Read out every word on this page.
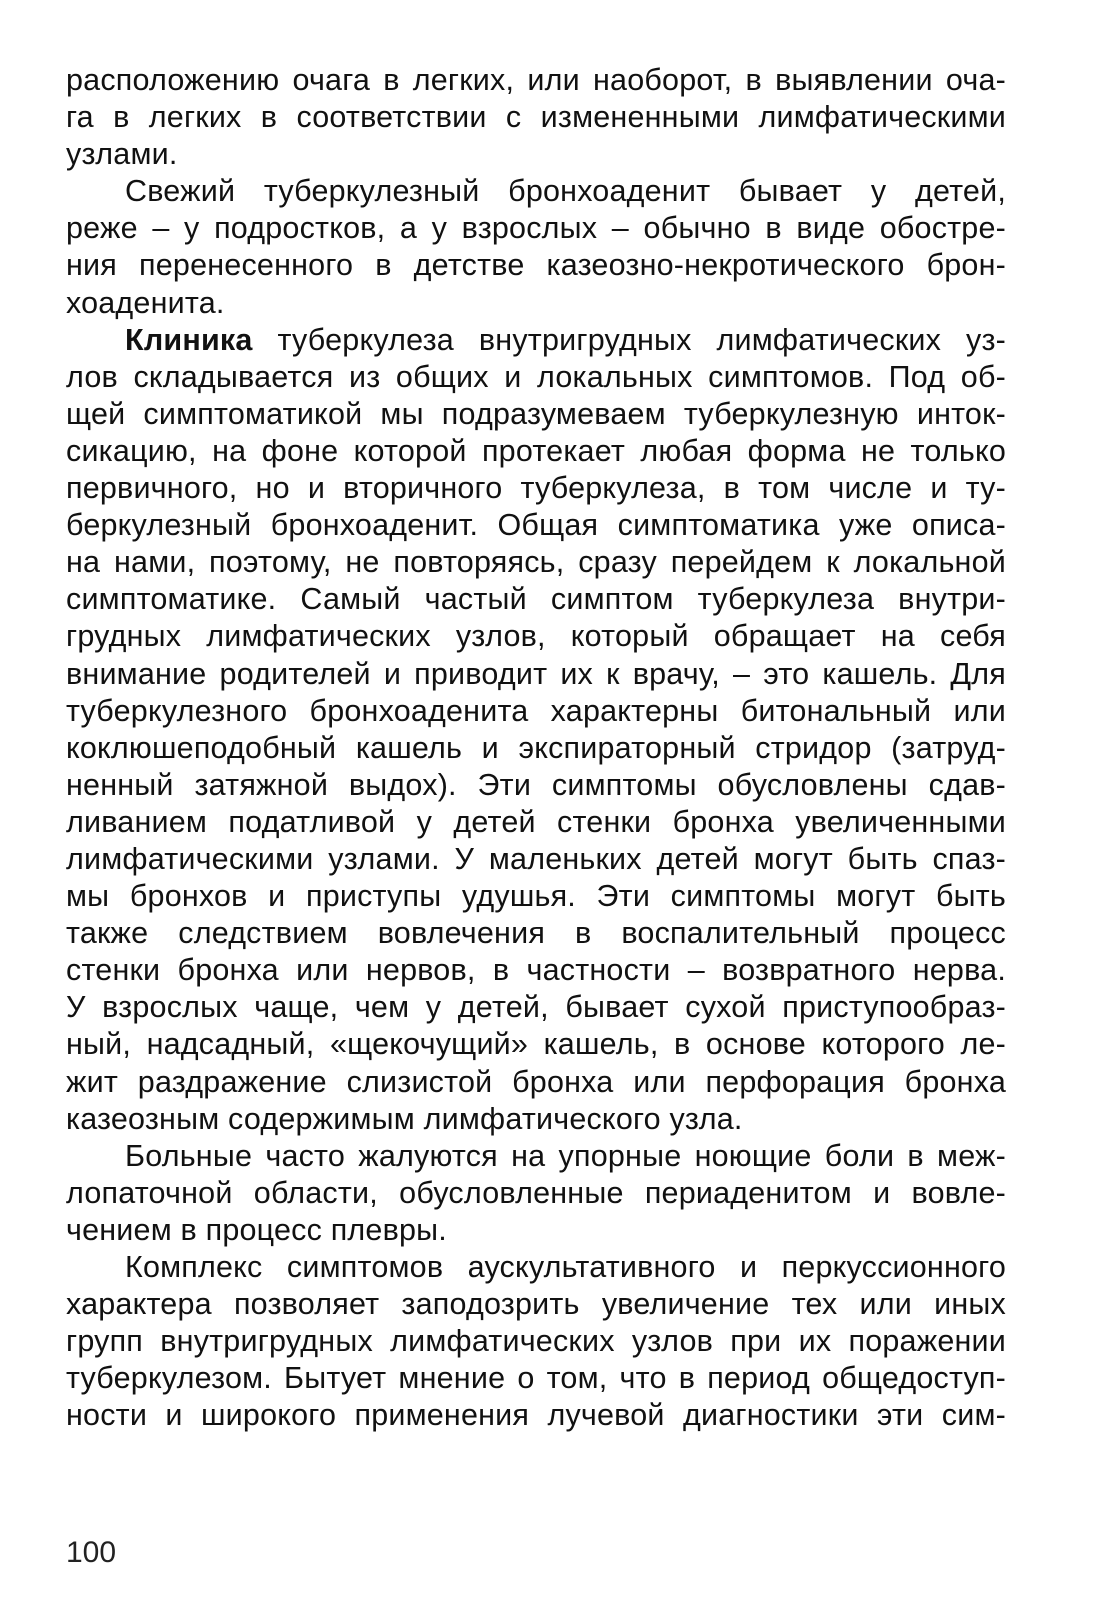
расположению очага в легких, или наоборот, в выявлении оча-
га в легких в соответствии с измененными лимфатическими
узлами.
Свежий туберкулезный бронхоаденит бывает у детей,
реже – у подростков, а у взрослых – обычно в виде обостре-
ния перенесенного в детстве казеозно-некротического брон-
хоаденита.
Клиника туберкулеза внутригрудных лимфатических уз-
лов складывается из общих и локальных симптомов. Под об-
щей симптоматикой мы подразумеваем туберкулезную инток-
сикацию, на фоне которой протекает любая форма не только
первичного, но и вторичного туберкулеза, в том числе и ту-
беркулезный бронхоаденит. Общая симптоматика уже описа-
на нами, поэтому, не повторяясь, сразу перейдем к локальной
симптоматике. Самый частый симптом туберкулеза внутри-
грудных лимфатических узлов, который обращает на себя
внимание родителей и приводит их к врачу, – это кашель. Для
туберкулезного бронхоаденита характерны битональный или
коклюшеподобный кашель и экспираторный стридор (затруд-
ненный затяжной выдох). Эти симптомы обусловлены сдав-
ливанием податливой у детей стенки бронха увеличенными
лимфатическими узлами. У маленьких детей могут быть спаз-
мы бронхов и приступы удушья. Эти симптомы могут быть
также следствием вовлечения в воспалительный процесс
стенки бронха или нервов, в частности – возвратного нерва.
У взрослых чаще, чем у детей, бывает сухой приступообраз-
ный, надсадный, «щекочущий» кашель, в основе которого ле-
жит раздражение слизистой бронха или перфорация бронха
казеозным содержимым лимфатического узла.
Больные часто жалуются на упорные ноющие боли в меж-
лопаточной области, обусловленные периаденитом и вовле-
чением в процесс плевры.
Комплекс симптомов аускультативного и перкуссионного
характера позволяет заподозрить увеличение тех или иных
групп внутригрудных лимфатических узлов при их поражении
туберкулезом. Бытует мнение о том, что в период общедоступ-
ности и широкого применения лучевой диагностики эти сим-
100
